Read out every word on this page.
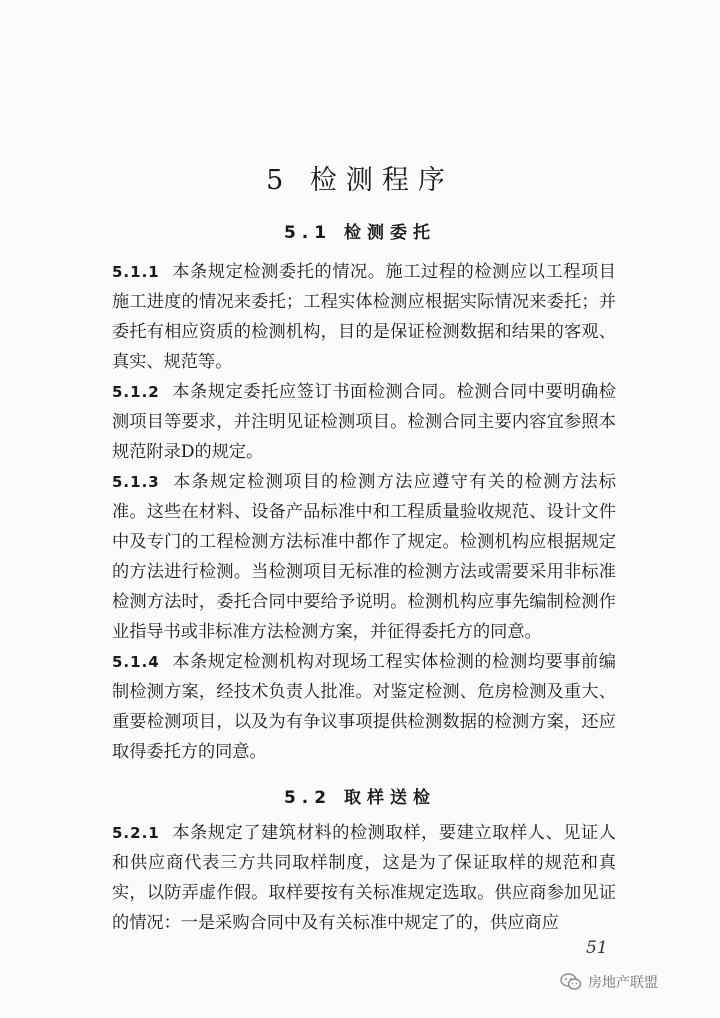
5 检测程序
5.1 检测委托

5.1.1 本条规定检测委托的情况。施工过程的检测应以工程项目施工进度的情况来委托；工程实体检测应根据实际情况来委托；并委托有相应资质的检测机构，目的是保证检测数据和结果的客观、真实、规范等。

5.1.2 本条规定委托应签订书面检测合同。检测合同中要明确检测项目等要求，并注明见证检测项目。检测合同主要内容宜参照本规范附录D的规定。

5.1.3 本条规定检测项目的检测方法应遵守有关的检测方法标准。这些在材料、设备产品标准中和工程质量验收规范、设计文件中及专门的工程检测方法标准中都作了规定。检测机构应根据规定的方法进行检测。当检测项目无标准的检测方法或需要采用非标准检测方法时，委托合同中要给予说明。检测机构应事先编制检测作业指导书或非标准方法检测方案，并征得委托方的同意。

5.1.4 本条规定检测机构对现场工程实体检测的检测均要事前编制检测方案，经技术负责人批准。对鉴定检测、危房检测及重大、重要检测项目，以及为有争议事项提供检测数据的检测方案，还应取得委托方的同意。

5.2 取样送检

5.2.1 本条规定了建筑材料的检测取样，要建立取样人、见证人和供应商代表三方共同取样制度，这是为了保证取样的规范和真实，以防弄虚作假。取样要按有关标准规定选取。供应商参加见证的情况：一是采购合同中及有关标准中规定了的，供应商应

51
房地产联盟
